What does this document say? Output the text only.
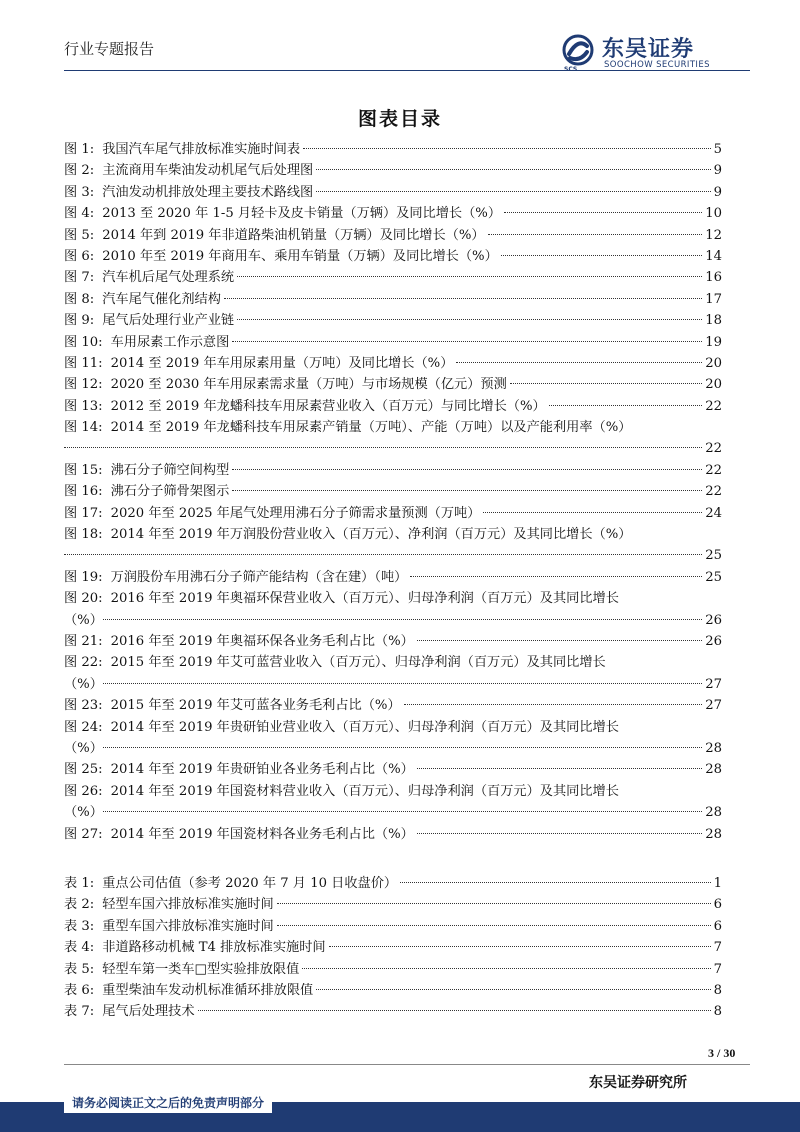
行业专题报告	东吴证券
SOOCHOW SECURITIES
图表目录
图 1: 我国汽车尾气排放标准实施时间表	5
图 2: 主流商用车柴油发动机尾气后处理图	9
图 3: 汽油发动机排放处理主要技术路线图	9
图 4: 2013 至 2020 年 1-5 月轻卡及皮卡销量（万辆）及同比增长（%）	10
图 5: 2014 年到 2019 年非道路柴油机销量（万辆）及同比增长（%）	12
图 6: 2010 年至 2019 年商用车、乘用车销量（万辆）及同比增长（%）	14
图 7: 汽车机后尾气处理系统	16
图 8: 汽车尾气催化剂结构	17
图 9: 尾气后处理行业产业链	18
图 10: 车用尿素工作示意图	19
图 11: 2014 至 2019 年车用尿素用量（万吨）及同比增长（%）	20
图 12: 2020 至 2030 年车用尿素需求量（万吨）与市场规模（亿元）预测	20
图 13: 2012 至 2019 年龙蟠科技车用尿素营业收入（百万元）与同比增长（%）	22
图 14: 2014 至 2019 年龙蟠科技车用尿素产销量（万吨）、产能（万吨）以及产能利用率（%）
22
图 15: 沸石分子筛空间构型	22
图 16: 沸石分子筛骨架图示	22
图 17: 2020 年至 2025 年尾气处理用沸石分子筛需求量预测（万吨）	24
图 18: 2014 年至 2019 年万润股份营业收入（百万元）、净利润（百万元）及其同比增长（%）
25
图 19: 万润股份车用沸石分子筛产能结构（含在建）（吨）	25
图 20: 2016 年至 2019 年奥福环保营业收入（百万元）、归母净利润（百万元）及其同比增长
（%）	26
图 21: 2016 年至 2019 年奥福环保各业务毛利占比（%）	26
图 22: 2015 年至 2019 年艾可蓝营业收入（百万元）、归母净利润（百万元）及其同比增长
（%）	27
图 23: 2015 年至 2019 年艾可蓝各业务毛利占比（%）	27
图 24: 2014 年至 2019 年贵研铂业营业收入（百万元）、归母净利润（百万元）及其同比增长
（%）	28
图 25: 2014 年至 2019 年贵研铂业各业务毛利占比（%）	28
图 26: 2014 年至 2019 年国瓷材料营业收入（百万元）、归母净利润（百万元）及其同比增长
（%）	28
图 27: 2014 年至 2019 年国瓷材料各业务毛利占比（%）	28
表 1: 重点公司估值（参考 2020 年 7 月 10 日收盘价）	1
表 2: 轻型车国六排放标准实施时间	6
表 3: 重型车国六排放标准实施时间	6
表 4: 非道路移动机械 T4 排放标准实施时间	7
表 5: 轻型车第一类车□型实验排放限值	7
表 6: 重型柴油车发动机标准循环排放限值	8
表 7: 尾气后处理技术	8
3 / 30
东吴证券研究所
请务必阅读正文之后的免责声明部分
